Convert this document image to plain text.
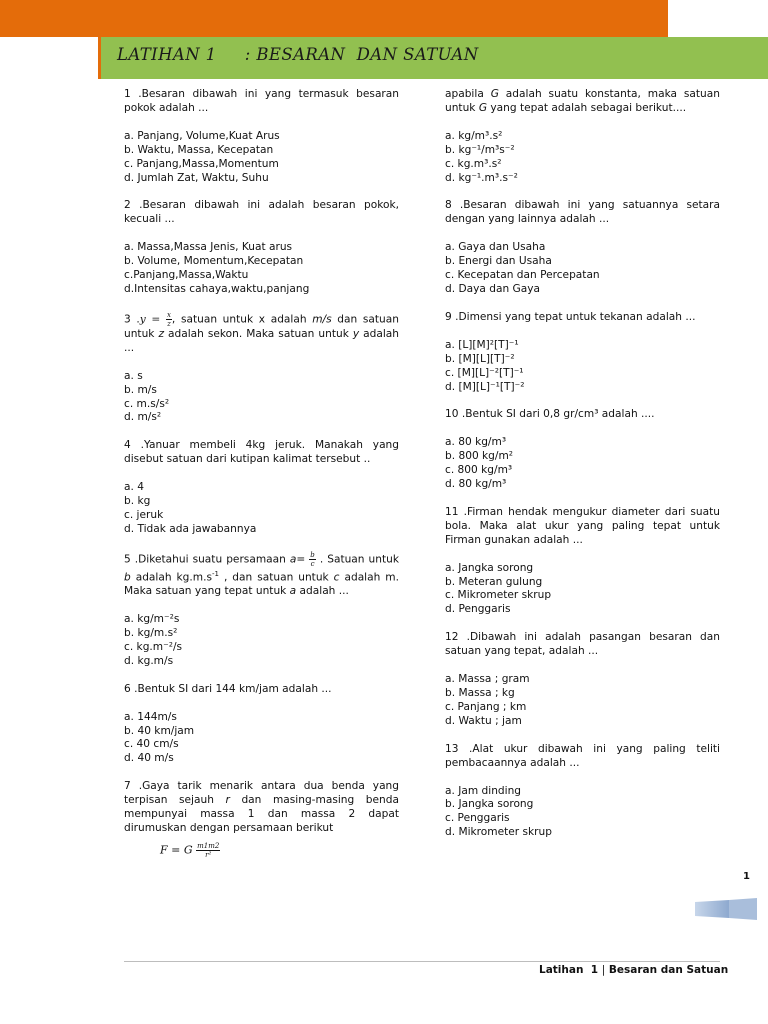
LATIHAN 1     : BESARAN  DAN SATUAN
1 .Besaran dibawah ini yang termasuk besaran pokok adalah ...
a. Panjang, Volume,Kuat Arus
b. Waktu, Massa, Kecepatan
c. Panjang,Massa,Momentum
d. Jumlah Zat, Waktu, Suhu
2 .Besaran dibawah ini adalah besaran pokok, kecuali ...
a. Massa,Massa Jenis, Kuat arus
b. Volume, Momentum,Kecepatan
c.Panjang,Massa,Waktu
d.Intensitas cahaya,waktu,panjang
3 $.y = \frac{x}{z}$ , satuan untuk x adalah m/s dan satuan untuk z adalah sekon. Maka satuan untuk y adalah ...
a. s
b. m/s
c. m.s/s²
d. m/s²
4 .Yanuar membeli 4kg jeruk. Manakah yang disebut satuan dari kutipan kalimat tersebut ..
a. 4
b. kg
c. jeruk
d. Tidak ada jawabannya
5 .Diketahui suatu persamaan $a= \frac{b}{c}$ . Satuan untuk b adalah $kg.m.s^{-1}$ , dan satuan untuk c adalah m. Maka satuan yang tepat untuk a adalah ...
a. kg/m⁻²s
b. kg/m.s²
c. kg.m⁻²/s
d. kg.m/s
6 .Bentuk SI dari 144 km/jam adalah ...
a. 144m/s
b. 40 km/jam
c. 40 cm/s
d. 40 m/s
7 .Gaya tarik menarik antara dua benda yang terpisan sejauh r dan masing-masing benda mempunyai massa 1 dan massa 2 dapat dirumuskan dengan persamaan berikut
F = G $\frac{m1m2}{\text{r²}}$
apabila G adalah suatu konstanta, maka satuan untuk G yang tepat adalah sebagai berikut....
a. kg/m³.s²
b. kg⁻¹/m³s⁻²
c. kg.m³.s²
d. kg⁻¹.m³.s⁻²
8 .Besaran dibawah ini yang satuannya setara dengan yang lainnya adalah ...
a. Gaya dan Usaha
b. Energi dan Usaha
c. Kecepatan dan Percepatan
d. Daya dan Gaya
9 .Dimensi yang tepat untuk tekanan adalah ...
a. [L][M]²[T]⁻¹
b. [M][L][T]⁻²
c. [M][L]⁻²[T]⁻¹
d. [M][L]⁻¹[T]⁻²
10 .Bentuk SI dari 0,8 gr/cm³ adalah ....
a. 80 kg/m³
b. 800 kg/m²
c. 800 kg/m³
d. 80 kg/m³
11 .Firman hendak mengukur diameter dari suatu bola. Maka alat ukur yang paling tepat untuk Firman gunakan adalah ...
a. Jangka sorong
b. Meteran gulung
c. Mikrometer skrup
d. Penggaris
12 .Dibawah ini adalah pasangan besaran dan satuan yang tepat, adalah ...
a. Massa ; gram
b. Massa ; kg
c. Panjang ; km
d. Waktu ; jam
13 .Alat ukur dibawah ini yang paling teliti pembacaannya adalah ...
a. Jam dinding
b. Jangka sorong
c. Penggaris
d. Mikrometer skrup
1
Latihan  1 | Besaran dan Satuan
